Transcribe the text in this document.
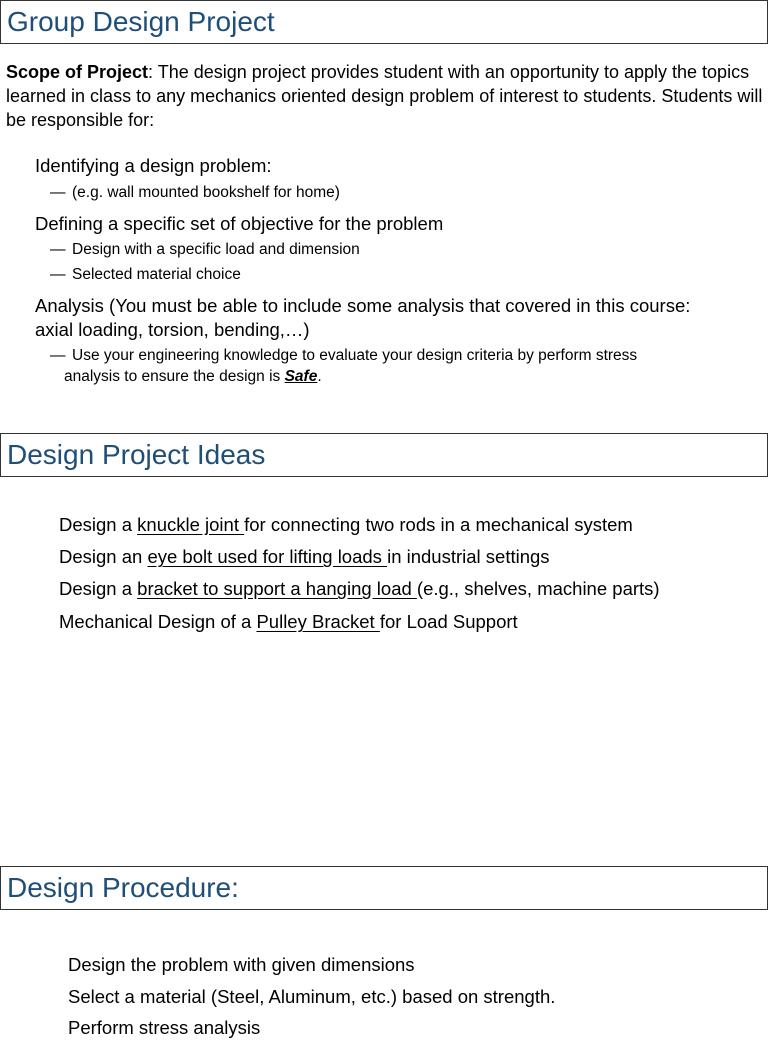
Group Design Project
Scope of Project: The design project provides student with an opportunity to apply the topics learned in class to any mechanics oriented design problem of interest to students. Students will be responsible for:
Identifying a design problem:
— (e.g. wall mounted bookshelf for home)
Defining a specific set of objective for the problem
— Design with a specific load and dimension
— Selected material choice
Analysis (You must be able to include some analysis that covered in this course:
axial loading, torsion, bending,…)
— Use your engineering knowledge to evaluate your design criteria by perform stress
analysis to ensure the design is Safe.
Design Project Ideas
Design a knuckle joint for connecting two rods in a mechanical system
Design an eye bolt used for lifting loads in industrial settings
Design a bracket to support a hanging load (e.g., shelves, machine parts)
Mechanical Design of a Pulley Bracket for Load Support
Design Procedure:
Design the problem with given dimensions
Select a material (Steel, Aluminum, etc.) based on strength.
Perform stress analysis
